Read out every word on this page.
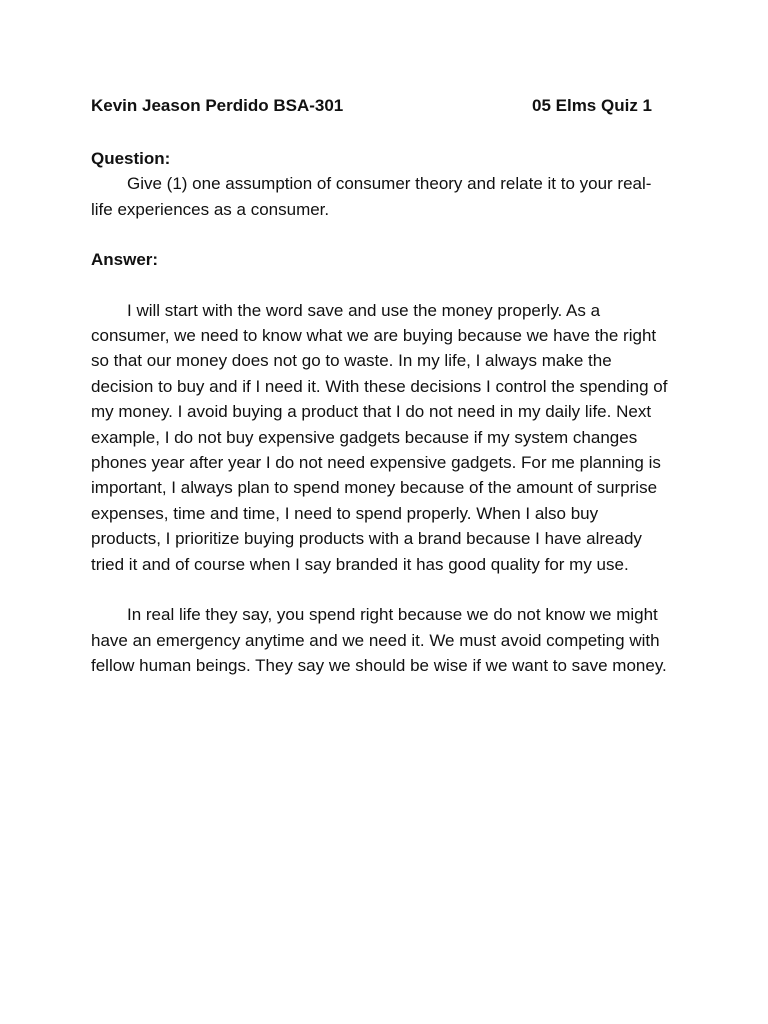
Kevin Jeason Perdido BSA-301	05 Elms Quiz 1

Question:

Give (1) one assumption of consumer theory and relate it to your real-life experiences as a consumer.

Answer:

I will start with the word save and use the money properly. As a consumer, we need to know what we are buying because we have the right so that our money does not go to waste. In my life, I always make the decision to buy and if I need it. With these decisions I control the spending of my money. I avoid buying a product that I do not need in my daily life. Next example, I do not buy expensive gadgets because if my system changes phones year after year I do not need expensive gadgets. For me planning is important, I always plan to spend money because of the amount of surprise expenses, time and time, I need to spend properly. When I also buy products, I prioritize buying products with a brand because I have already tried it and of course when I say branded it has good quality for my use.

In real life they say, you spend right because we do not know we might have an emergency anytime and we need it. We must avoid competing with fellow human beings. They say we should be wise if we want to save money.
